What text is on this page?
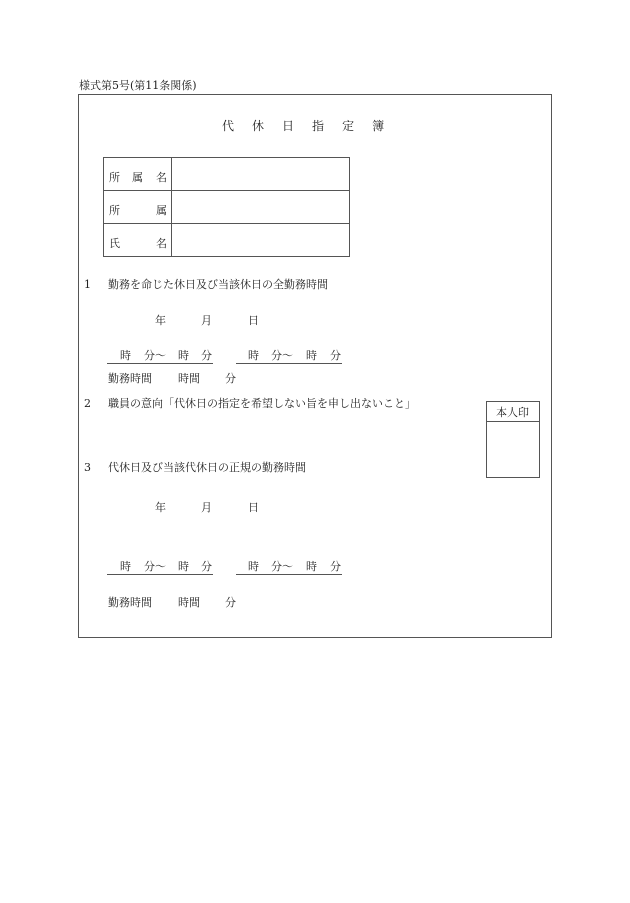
様式第5号(第11条関係)
代 休 日 指 定 簿
所 属 名
所	属
氏	名
1 勤務を命じた休日及び当該休日の全勤務時間
年	月	日
時 分〜 時 分	時 分〜 時 分
勤務時間 時間 分
2 職員の意向「代休日の指定を希望しない旨を申し出ないこと」
本人印
3 代休日及び当該代休日の正規の勤務時間
年	月	日
時 分〜 時 分	時 分〜 時 分
勤務時間 時間 分
